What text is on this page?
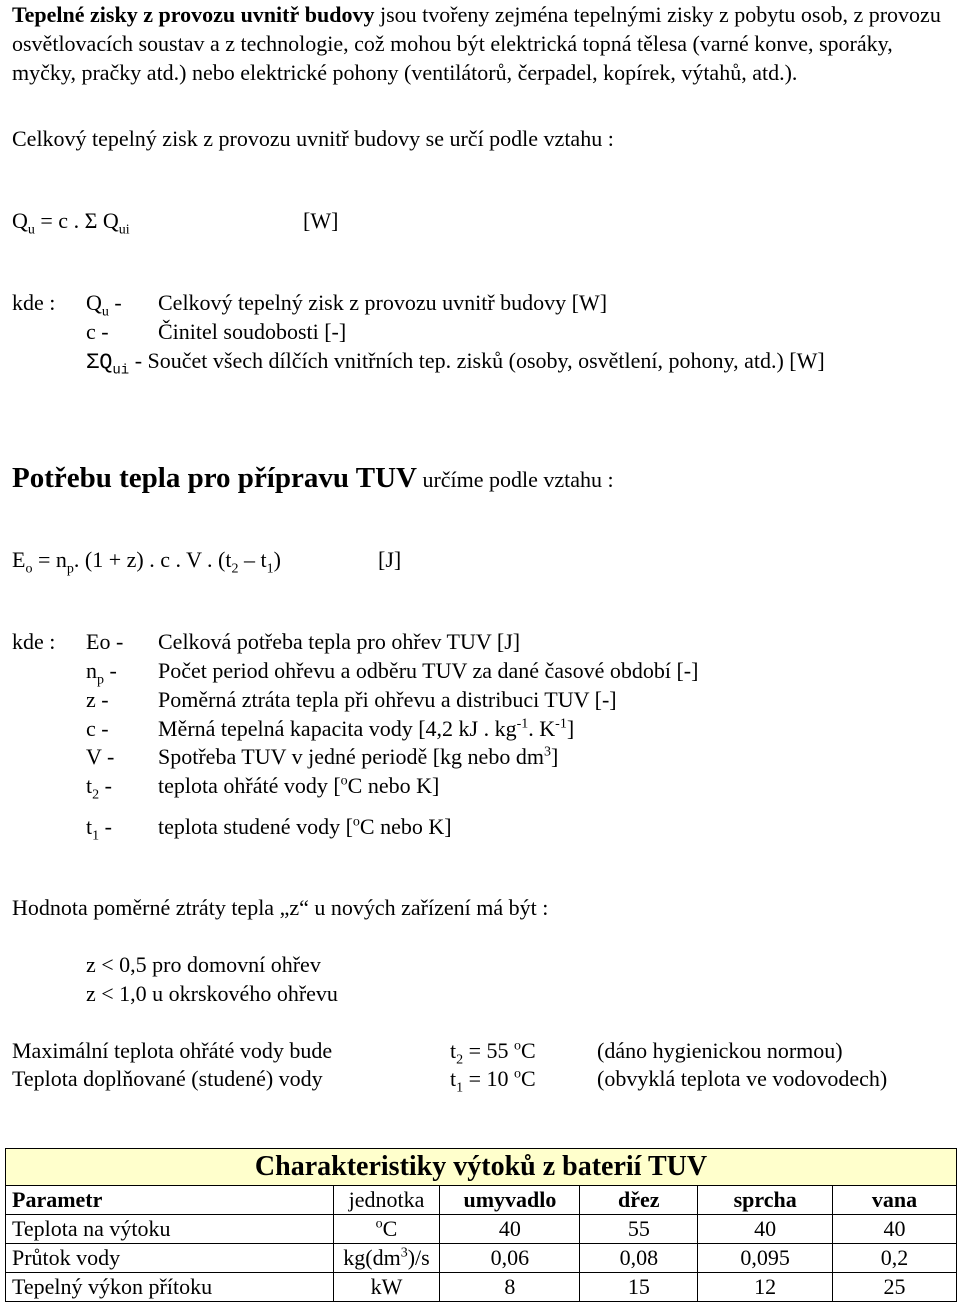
Tepelné zisky z provozu uvnitř budovy jsou tvořeny zejména tepelnými zisky z pobytu osob, z provozu osvětlovacích soustav a z technologie, což mohou být elektrická topná tělesa (varné konve, sporáky, myčky, pračky atd.) nebo elektrické pohony (ventilátorů, čerpadel, kopírek, výtahů, atd.).
Celkový tepelný zisk z provozu uvnitř budovy se určí podle vztahu :
$Q_u = c$ . Σ $Q_{ui}$	[W]
kde : $Q_u$ - Celkový tepelný zisk z provozu uvnitř budovy [W]
c - Činitel soudobosti [-]
$\Sigma Q_{ui}$ - Součet všech dílčích vnitřních tep. zisků (osoby, osvětlení, pohony, atd.) [W]
Potřebu tepla pro přípravu TUV určíme podle vztahu :
$E_o = n_p$. (1 + z) . c . V . $(t_2 - t_1)$	[J]
kde : Eo - Celková potřeba tepla pro ohřev TUV [J]
$n_p$ - Počet period ohřevu a odběru TUV za dané časové období [-]
z - Poměrná ztráta tepla při ohřevu a distribuci TUV [-]
c - Měrná tepelná kapacita vody [4,2 kJ . $kg^{-1}$. $K^{-1}$]
V - Spotřeba TUV v jedné periodě [kg nebo $dm^3$]
$t_2$ - teplota ohřáté vody [$^o$C nebo K]
$t_1$ - teplota studené vody [$^o$C nebo K]
Hodnota poměrné ztráty tepla „z“ u nových zařízení má být :
z < 0,5 pro domovní ohřev
z < 1,0 u okrskového ohřevu
Maximální teplota ohřáté vody bude	$t_2 = 55$ $^o$C	(dáno hygienickou normou)
Teplota doplňované (studené) vody	$t_1 = 10$ $^o$C	(obvyklá teplota ve vodovodech)
Charakteristiky výtoků z baterií TUV					
Parametr	jednotka	umyvadlo	dřez	sprcha	vana
Teplota na výtoku	$^o$C	40	55	40	40
Průtok vody	$kg(dm^3)/s$	0,06	0,08	0,095	0,2
Tepelný výkon přítoku	kW	8	15	12	25
